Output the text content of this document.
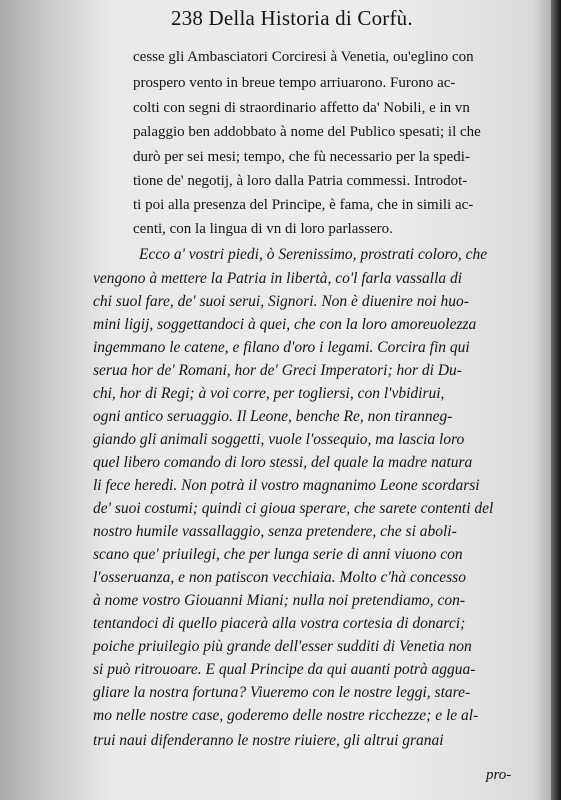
238 Della Historia di Corfù.
cesse gli Ambasciatori Corciresi à Venetia, ou'eglino con
prospero vento in breue tempo arriuarono. Furono ac-
colti con segni di straordinario affetto da' Nobili, e in vn
palaggio ben addobbato à nome del Publico spesati; il che
durò per sei mesi; tempo, che fù necessario per la spedi-
tione de' negotij, à loro dalla Patria commessi. Introdot-
ti poi alla presenza del Principe, è fama, che in simili ac-
centi, con la lingua di vn di loro parlassero.
Ecco a' vostri piedi, ò Serenissimo, prostrati coloro, che
vengono à mettere la Patria in libertà, co'l farla vassalla di
chi suol fare, de' suoi serui, Signori. Non è diuenire noi huo-
mini ligij, soggettandoci à quei, che con la loro amoreuolezza
ingemmano le catene, e filano d'oro i legami. Corcira fin qui
serua hor de' Romani, hor de' Greci Imperatori; hor di Du-
chi, hor di Regi; à voi corre, per togliersi, con l'vbidirui,
ogni antico seruaggio. Il Leone, benche Re, non tiranneg-
giando gli animali soggetti, vuole l'ossequio, ma lascia loro
quel libero comando di loro stessi, del quale la madre natura
li fece heredi. Non potrà il vostro magnanimo Leone scordarsi
de' suoi costumi; quindi ci gioua sperare, che sarete contenti del
nostro humile vassallaggio, senza pretendere, che si aboli-
scano que' priuilegi, che per lunga serie di anni viuono con
l'osseruanza, e non patiscon vecchiaia. Molto c'hà concesso
à nome vostro Giouanni Miani; nulla noi pretendiamo, con-
tentandoci di quello piacerà alla vostra cortesia di donarci;
poiche priuilegio più grande dell'esser sudditi di Venetia non
si può ritrouoare. E qual Principe da qui auanti potrà aggua-
gliare la nostra fortuna? Viueremo con le nostre leggi, stare-
mo nelle nostre case, goderemo delle nostre ricchezze; e le al-
trui naui difenderanno le nostre riuiere, gli altrui granai
pro-
